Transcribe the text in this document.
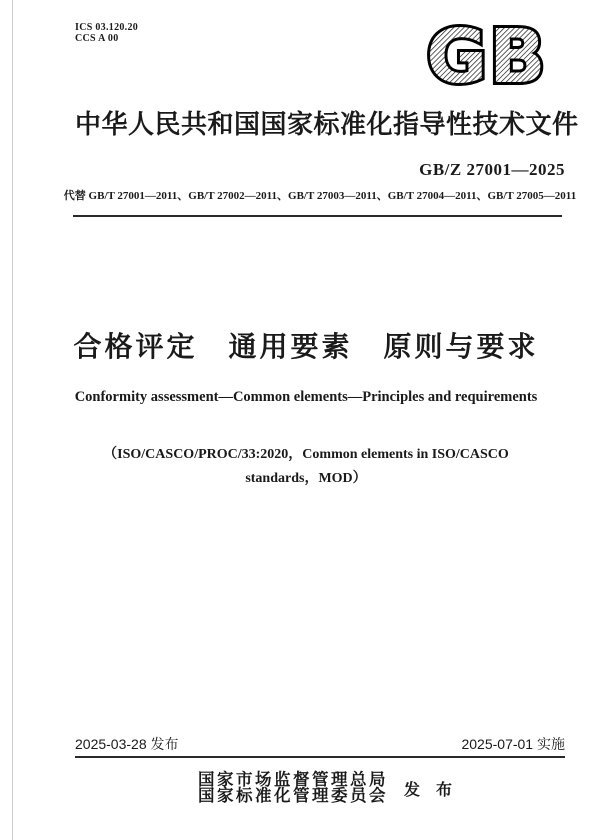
ICS 03.120.20
CCS A 00	GB
中华人民共和国国家标准化指导性技术文件
GB/Z 27001—2025
代替 GB/T 27001—2011、GB/T 27002—2011、GB/T 27003—2011、GB/T 27004—2011、GB/T 27005—2011
合格评定　通用要素　原则与要求
Conformity assessment—Common elements—Principles and requirements
（ISO/CASCO/PROC/33:2020，Common elements in ISO/CASCO
standards，MOD）
2025-03-28 发布	2025-07-01 实施
国家市场监督管理总局
国家标准化管理委员会 发　布
